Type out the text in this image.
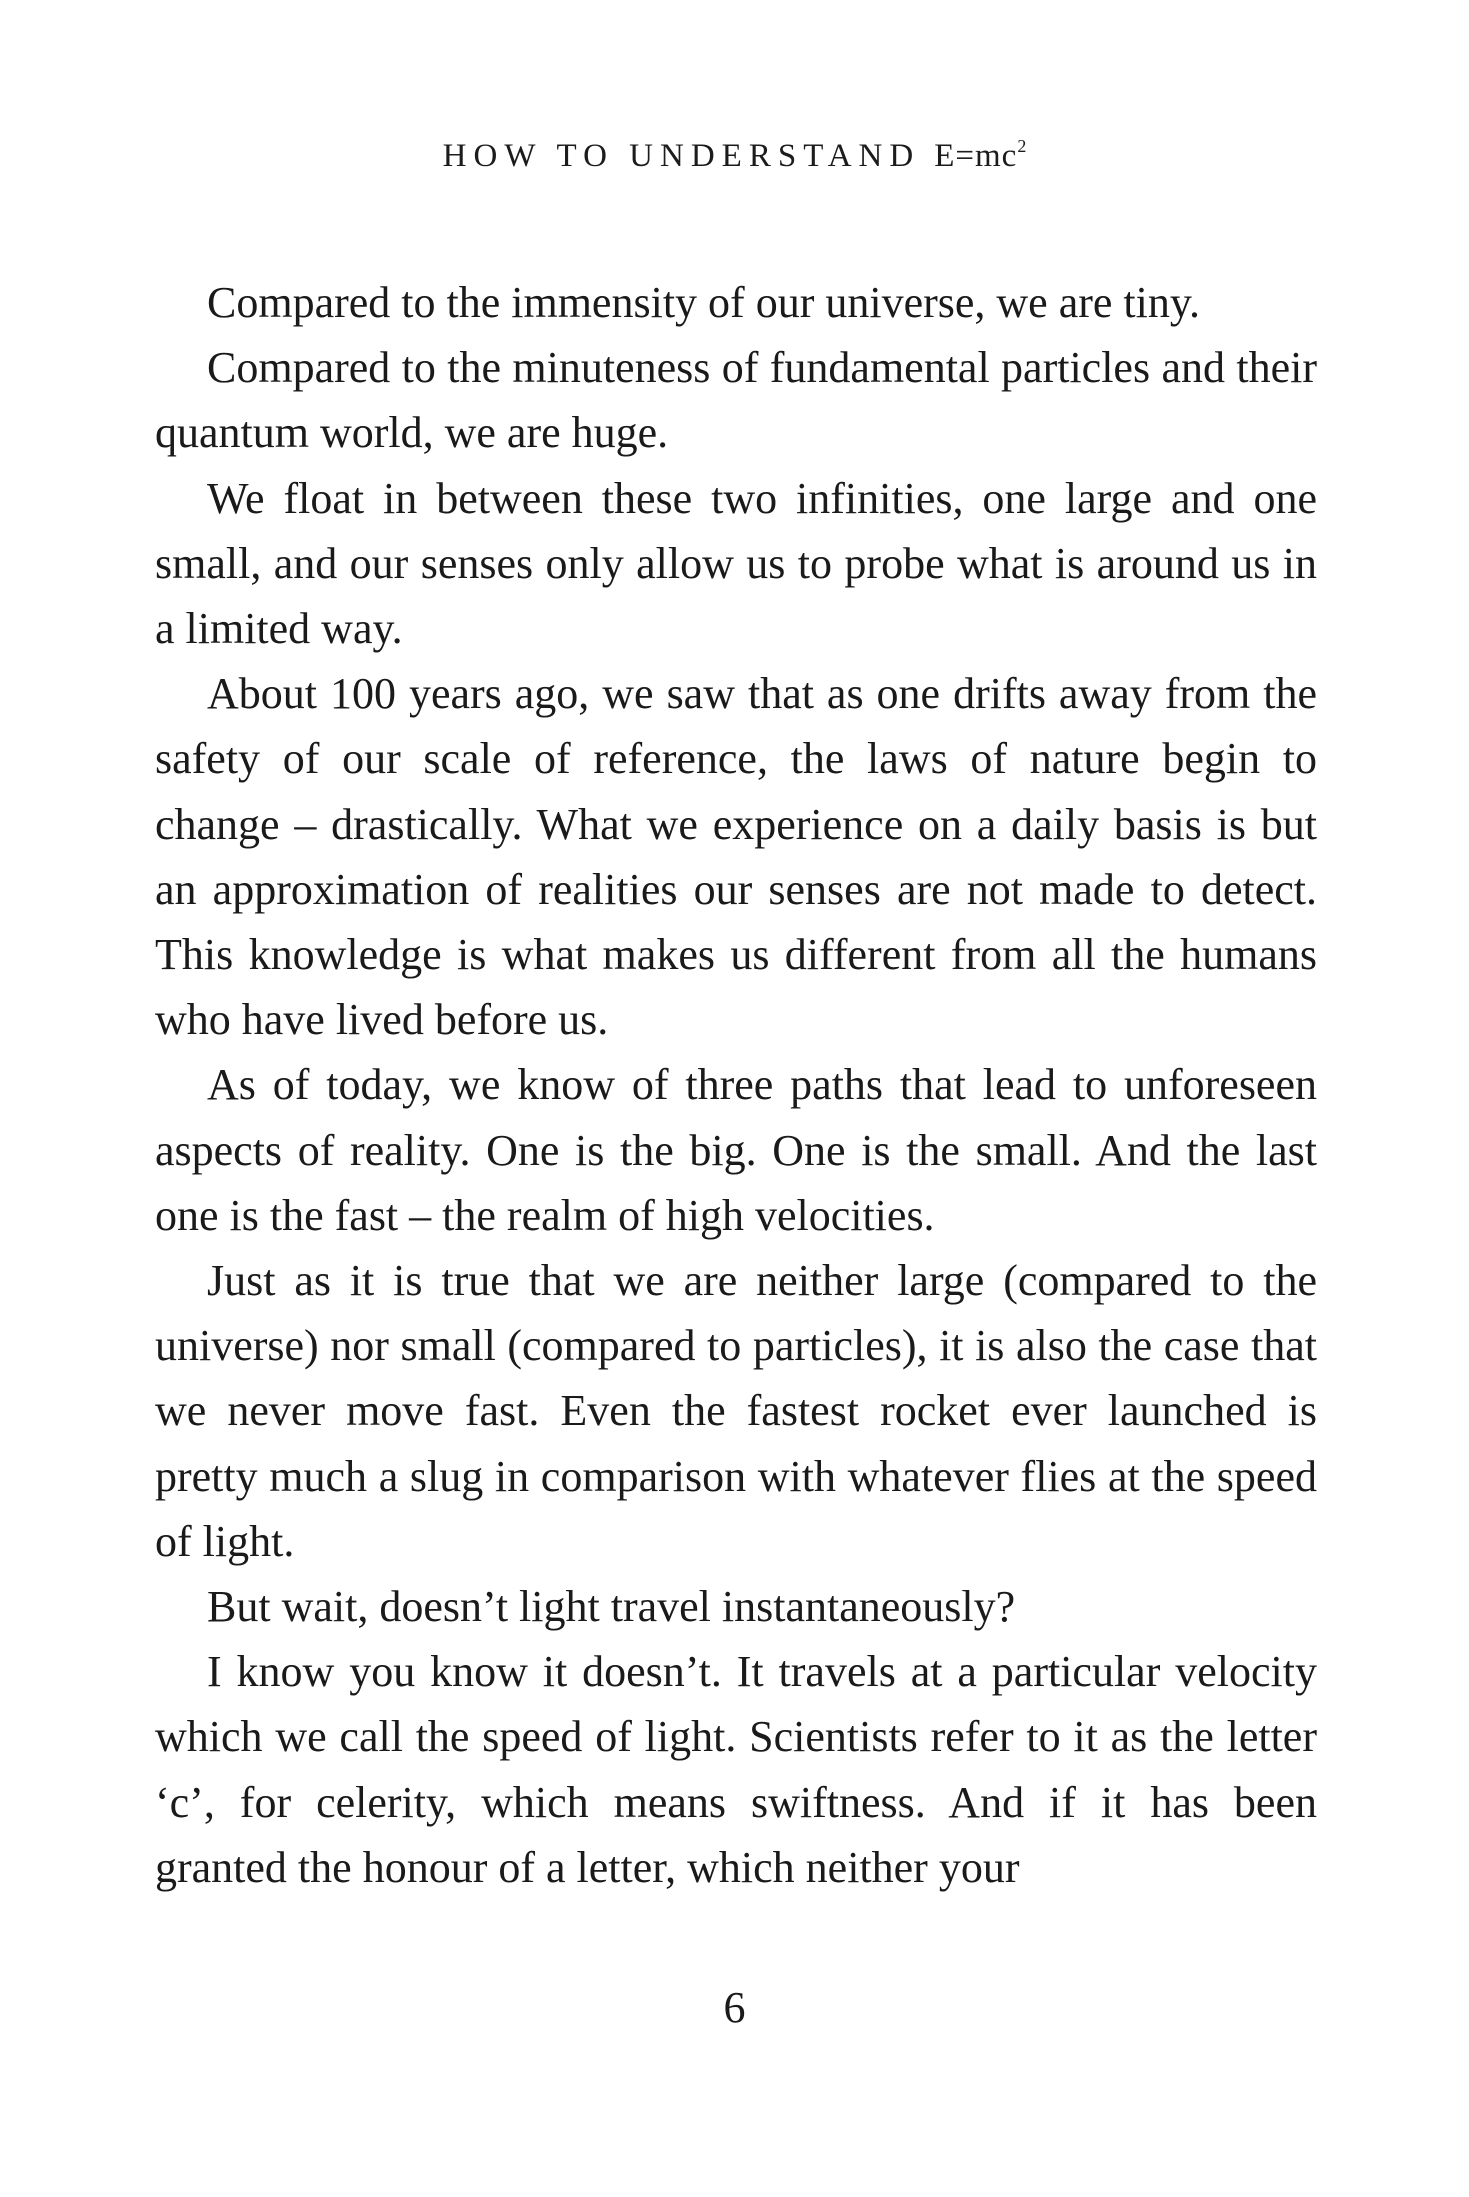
HOW TO UNDERSTAND $E=mc^2$

Compared to the immensity of our universe, we are tiny.

Compared to the minuteness of fundamental particles and their quantum world, we are huge.

We float in between these two infinities, one large and one small, and our senses only allow us to probe what is around us in a limited way.

About 100 years ago, we saw that as one drifts away from the safety of our scale of reference, the laws of nature begin to change – drastically. What we experience on a daily basis is but an approximation of realities our senses are not made to detect. This knowledge is what makes us different from all the humans who have lived before us.

As of today, we know of three paths that lead to unforeseen aspects of reality. One is the big. One is the small. And the last one is the fast – the realm of high velocities.

Just as it is true that we are neither large (compared to the universe) nor small (compared to particles), it is also the case that we never move fast. Even the fastest rocket ever launched is pretty much a slug in comparison with whatever flies at the speed of light.

But wait, doesn’t light travel instantaneously?

I know you know it doesn’t. It travels at a particular velocity which we call the speed of light. Scientists refer to it as the letter ‘c’, for celerity, which means swiftness. And if it has been granted the honour of a letter, which neither your

6
